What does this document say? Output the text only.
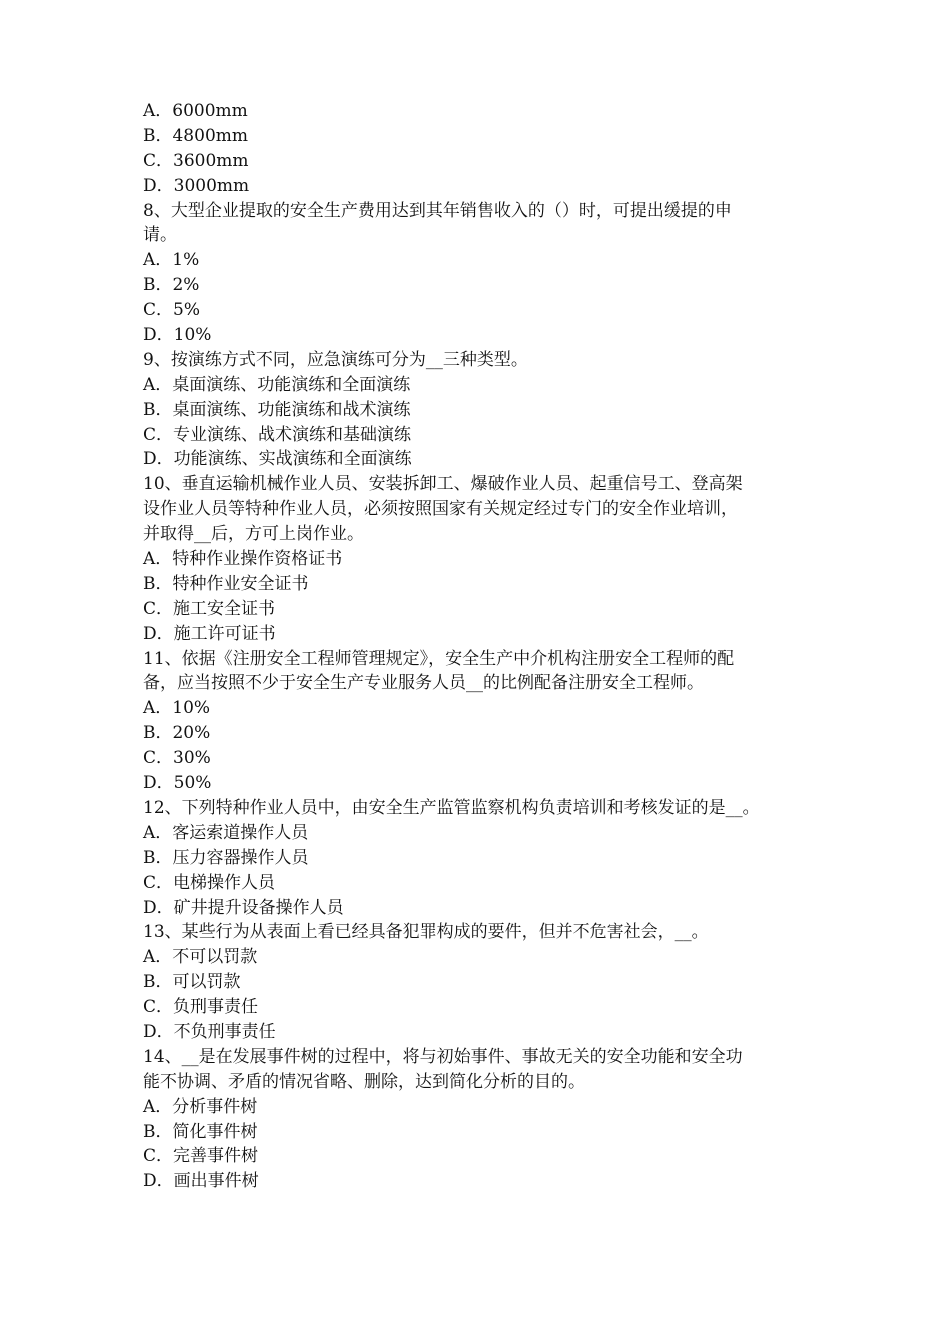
A．6000mm
B．4800mm
C．3600mm
D．3000mm
8、大型企业提取的安全生产费用达到其年销售收入的（）时，可提出缓提的申
请。
A．1%
B．2%
C．5%
D．10%
9、按演练方式不同，应急演练可分为__三种类型。
A．桌面演练、功能演练和全面演练
B．桌面演练、功能演练和战术演练
C．专业演练、战术演练和基础演练
D．功能演练、实战演练和全面演练
10、垂直运输机械作业人员、安装拆卸工、爆破作业人员、起重信号工、登高架
设作业人员等特种作业人员，必须按照国家有关规定经过专门的安全作业培训，
并取得__后，方可上岗作业。
A．特种作业操作资格证书
B．特种作业安全证书
C．施工安全证书
D．施工许可证书
11、依据《注册安全工程师管理规定》，安全生产中介机构注册安全工程师的配
备，应当按照不少于安全生产专业服务人员__的比例配备注册安全工程师。
A．10%
B．20%
C．30%
D．50%
12、下列特种作业人员中，由安全生产监管监察机构负责培训和考核发证的是__。
A．客运索道操作人员
B．压力容器操作人员
C．电梯操作人员
D．矿井提升设备操作人员
13、某些行为从表面上看已经具备犯罪构成的要件，但并不危害社会，__。
A．不可以罚款
B．可以罚款
C．负刑事责任
D．不负刑事责任
14、__是在发展事件树的过程中，将与初始事件、事故无关的安全功能和安全功
能不协调、矛盾的情况省略、删除，达到简化分析的目的。
A．分析事件树
B．简化事件树
C．完善事件树
D．画出事件树
